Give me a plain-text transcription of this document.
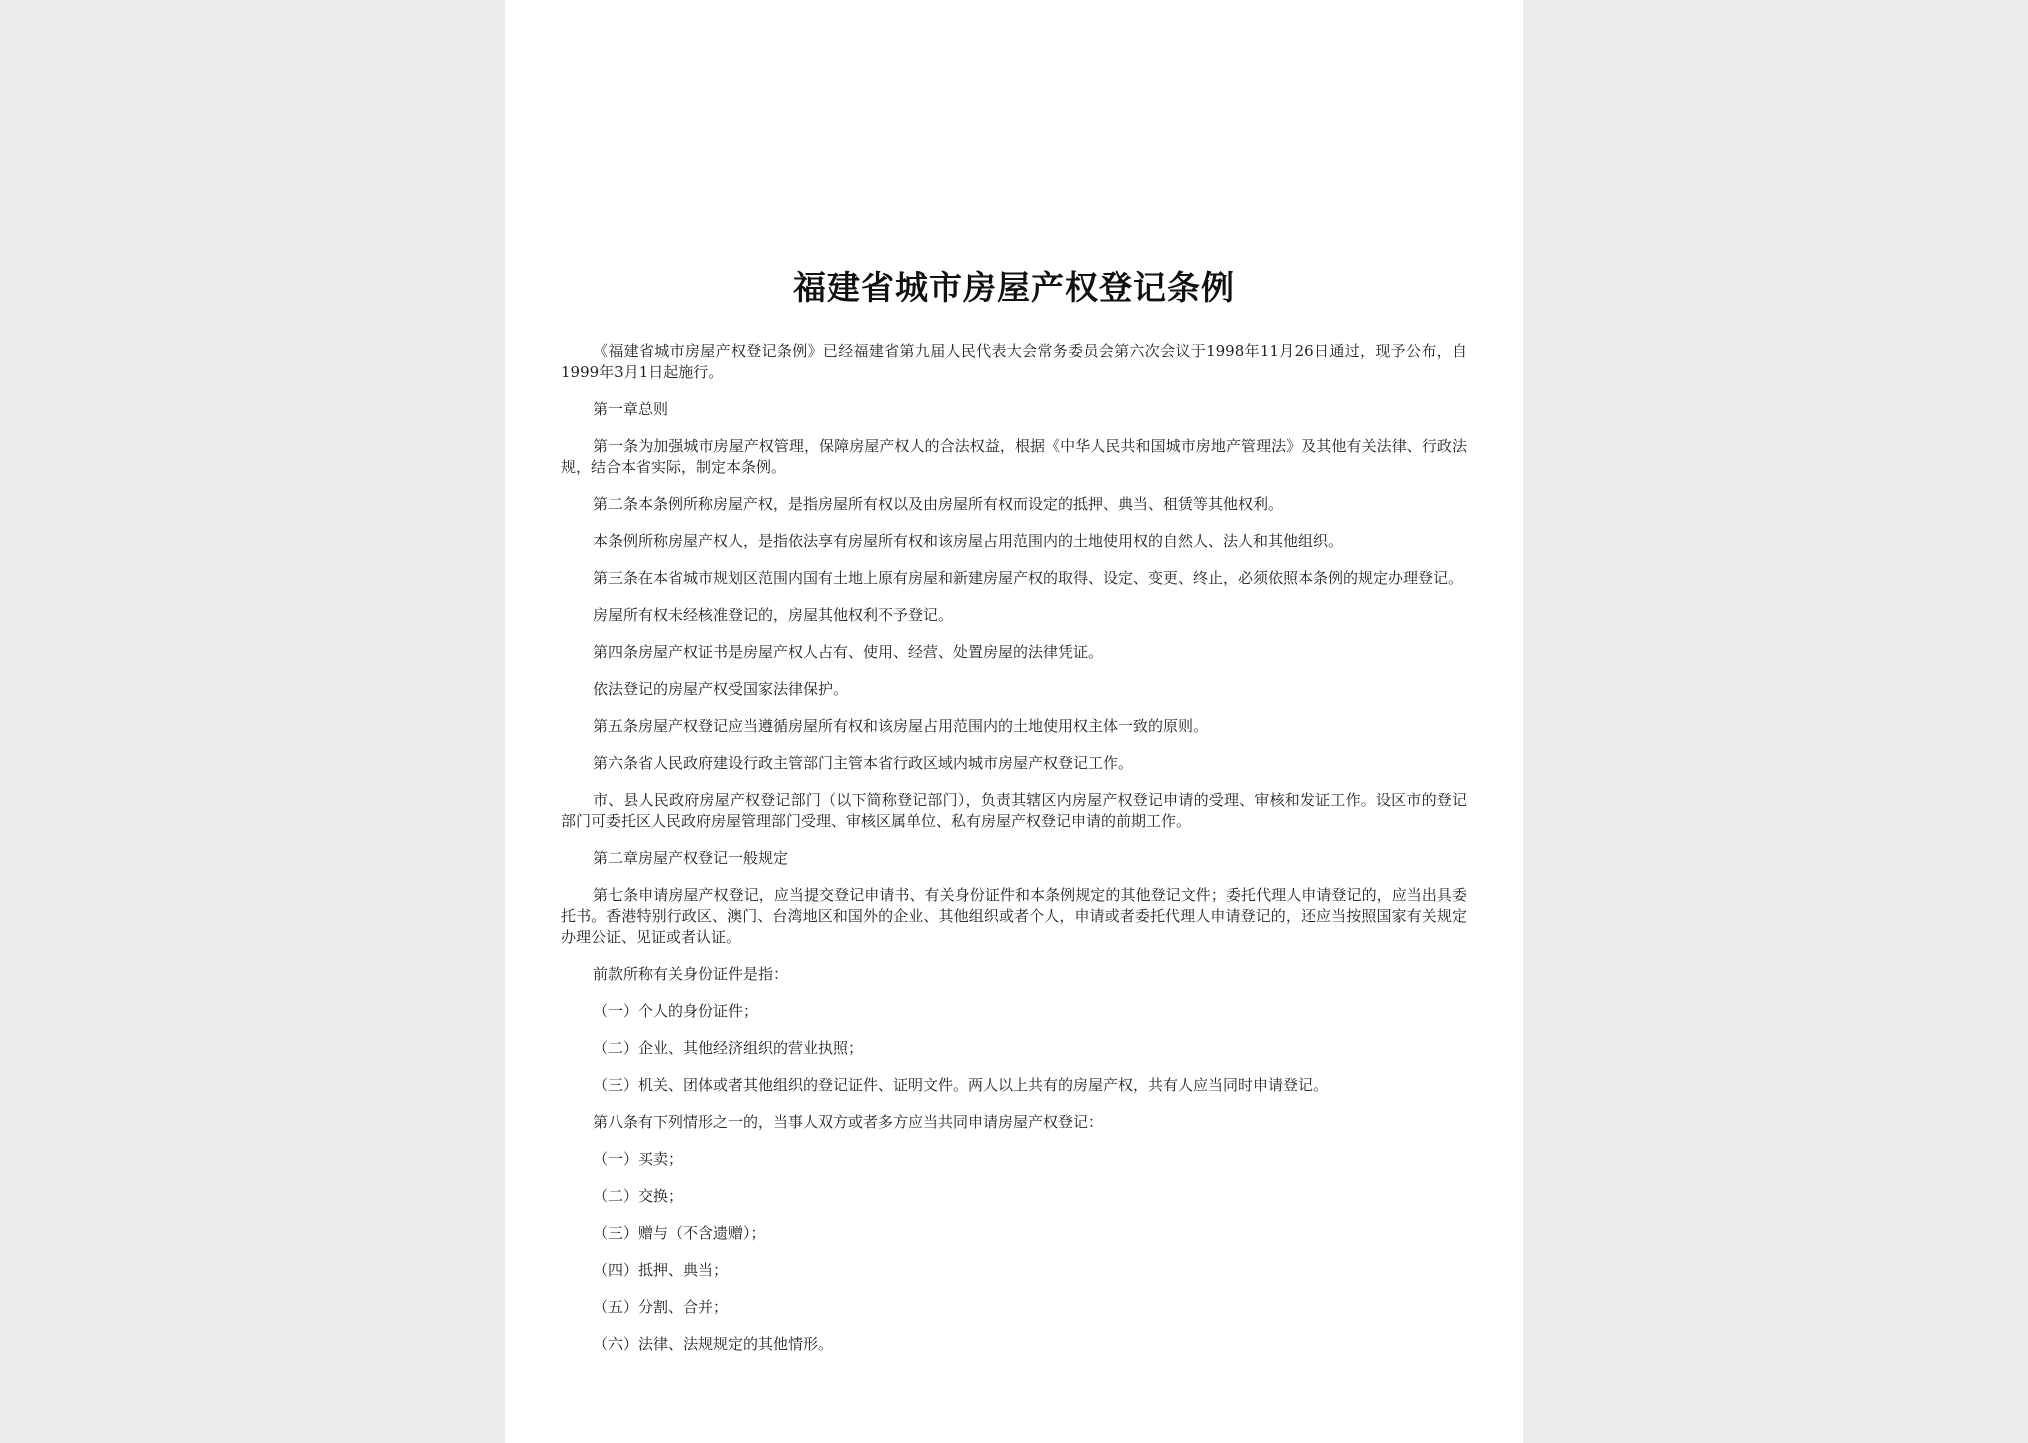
福建省城市房屋产权登记条例

《福建省城市房屋产权登记条例》已经福建省第九届人民代表大会常务委员会第六次会议于1998年11月26日通过，现予公布，自1999年3月1日起施行。

第一章总则

第一条为加强城市房屋产权管理，保障房屋产权人的合法权益，根据《中华人民共和国城市房地产管理法》及其他有关法律、行政法规，结合本省实际，制定本条例。

第二条本条例所称房屋产权，是指房屋所有权以及由房屋所有权而设定的抵押、典当、租赁等其他权利。

本条例所称房屋产权人，是指依法享有房屋所有权和该房屋占用范围内的土地使用权的自然人、法人和其他组织。

第三条在本省城市规划区范围内国有土地上原有房屋和新建房屋产权的取得、设定、变更、终止，必须依照本条例的规定办理登记。

房屋所有权未经核准登记的，房屋其他权利不予登记。

第四条房屋产权证书是房屋产权人占有、使用、经营、处置房屋的法律凭证。

依法登记的房屋产权受国家法律保护。

第五条房屋产权登记应当遵循房屋所有权和该房屋占用范围内的土地使用权主体一致的原则。

第六条省人民政府建设行政主管部门主管本省行政区域内城市房屋产权登记工作。

市、县人民政府房屋产权登记部门（以下简称登记部门），负责其辖区内房屋产权登记申请的受理、审核和发证工作。设区市的登记部门可委托区人民政府房屋管理部门受理、审核区属单位、私有房屋产权登记申请的前期工作。

第二章房屋产权登记一般规定

第七条申请房屋产权登记，应当提交登记申请书、有关身份证件和本条例规定的其他登记文件；委托代理人申请登记的，应当出具委托书。香港特别行政区、澳门、台湾地区和国外的企业、其他组织或者个人，申请或者委托代理人申请登记的，还应当按照国家有关规定办理公证、见证或者认证。

前款所称有关身份证件是指：

（一）个人的身份证件；

（二）企业、其他经济组织的营业执照；

（三）机关、团体或者其他组织的登记证件、证明文件。两人以上共有的房屋产权，共有人应当同时申请登记。

第八条有下列情形之一的，当事人双方或者多方应当共同申请房屋产权登记：

（一）买卖；

（二）交换；

（三）赠与（不含遗赠）；

（四）抵押、典当；

（五）分割、合并；

（六）法律、法规规定的其他情形。
